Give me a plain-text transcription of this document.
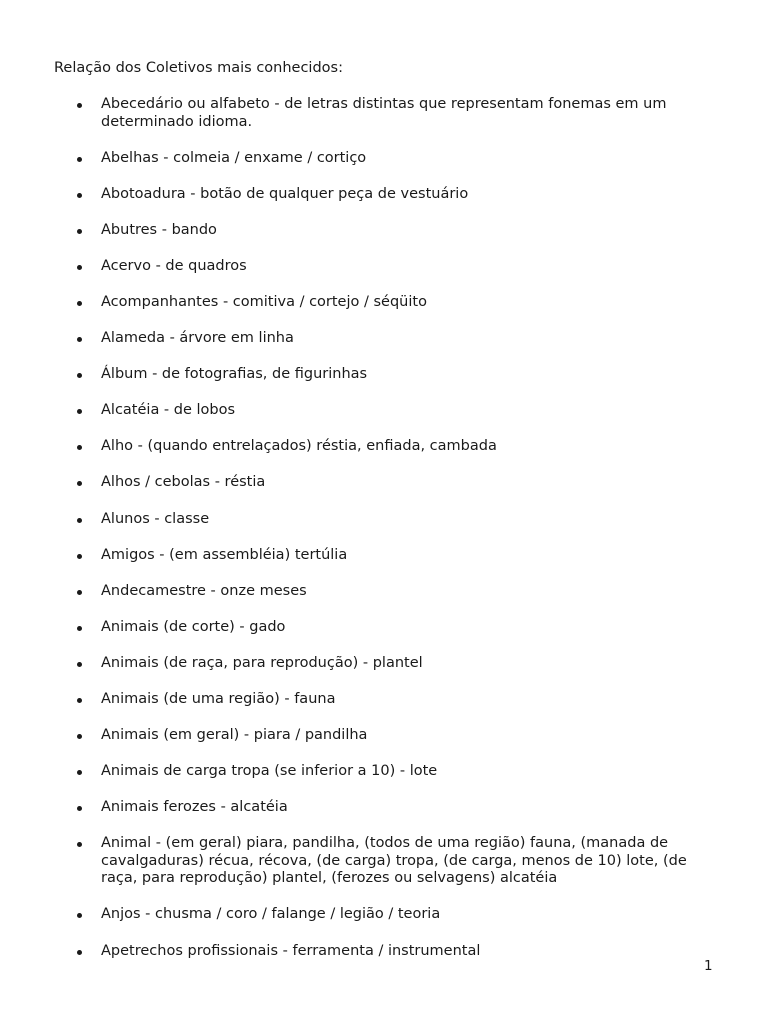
Relação dos Coletivos mais conhecidos:
Abecedário ou alfabeto - de letras distintas que representam fonemas em um determinado idioma.
Abelhas - colmeia / enxame / cortiço
Abotoadura - botão de qualquer peça de vestuário
Abutres - bando
Acervo - de quadros
Acompanhantes - comitiva / cortejo / séqüito
Alameda - árvore em linha
Álbum - de fotografias, de figurinhas
Alcatéia - de lobos
Alho - (quando entrelaçados) réstia, enfiada, cambada
Alhos / cebolas - réstia
Alunos - classe
Amigos - (em assembléia) tertúlia
Andecamestre - onze meses
Animais (de corte) - gado
Animais (de raça, para reprodução) - plantel
Animais (de uma região) - fauna
Animais (em geral) - piara / pandilha
Animais de carga tropa (se inferior a 10) - lote
Animais ferozes - alcatéia
Animal - (em geral) piara, pandilha, (todos de uma região) fauna, (manada de cavalgaduras) récua, récova, (de carga) tropa, (de carga, menos de 10) lote, (de raça, para reprodução) plantel, (ferozes ou selvagens) alcatéia
Anjos - chusma / coro / falange / legião / teoria
Apetrechos profissionais - ferramenta / instrumental
1
